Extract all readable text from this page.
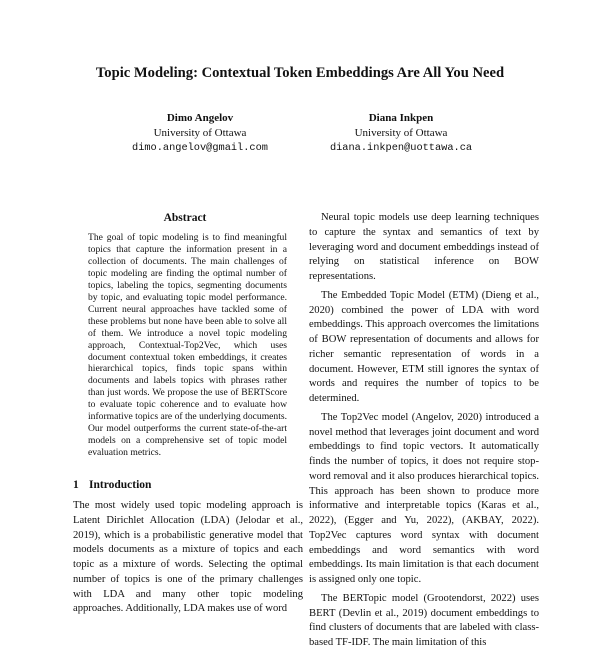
Topic Modeling: Contextual Token Embeddings Are All You Need
Dimo Angelov
University of Ottawa
dimo.angelov@gmail.com
Diana Inkpen
University of Ottawa
diana.inkpen@uottawa.ca
Abstract

The goal of topic modeling is to find meaningful topics that capture the information present in a collection of documents. The main challenges of topic modeling are finding the optimal number of topics, labeling the topics, segmenting documents by topic, and evaluating topic model performance. Current neural approaches have tackled some of these problems but none have been able to solve all of them. We introduce a novel topic modeling approach, Contextual-Top2Vec, which uses document contextual token embeddings, it creates hierarchical topics, finds topic spans within documents and labels topics with phrases rather than just words. We propose the use of BERTScore to evaluate topic coherence and to evaluate how informative topics are of the underlying documents. Our model outperforms the current state-of-the-art models on a comprehensive set of topic model evaluation metrics.

1 Introduction

The most widely used topic modeling approach is Latent Dirichlet Allocation (LDA) (Jelodar et al., 2019), which is a probabilistic generative model that models documents as a mixture of topics and each topic as a mixture of words. Selecting the optimal number of topics is one of the primary challenges with LDA and many other topic modeling approaches. Additionally, LDA makes use of word

Neural topic models use deep learning techniques to capture the syntax and semantics of text by leveraging word and document embeddings instead of relying on statistical inference on BOW representations.

The Embedded Topic Model (ETM) (Dieng et al., 2020) combined the power of LDA with word embeddings. This approach overcomes the limitations of BOW representation of documents and allows for richer semantic representation of words in a document. However, ETM still ignores the syntax of words and requires the number of topics to be determined.

The Top2Vec model (Angelov, 2020) introduced a novel method that leverages joint document and word embeddings to find topic vectors. It automatically finds the number of topics, it does not require stop-word removal and it also produces hierarchical topics. This approach has been shown to produce more informative and interpretable topics (Karas et al., 2022), (Egger and Yu, 2022), (AKBAY, 2022). Top2Vec captures word syntax with document embeddings and word semantics with word embeddings. Its main limitation is that each document is assigned only one topic.

The BERTopic model (Grootendorst, 2022) uses BERT (Devlin et al., 2019) document embeddings to find clusters of documents that are labeled with class-based TF-IDF. The main limitation of this
